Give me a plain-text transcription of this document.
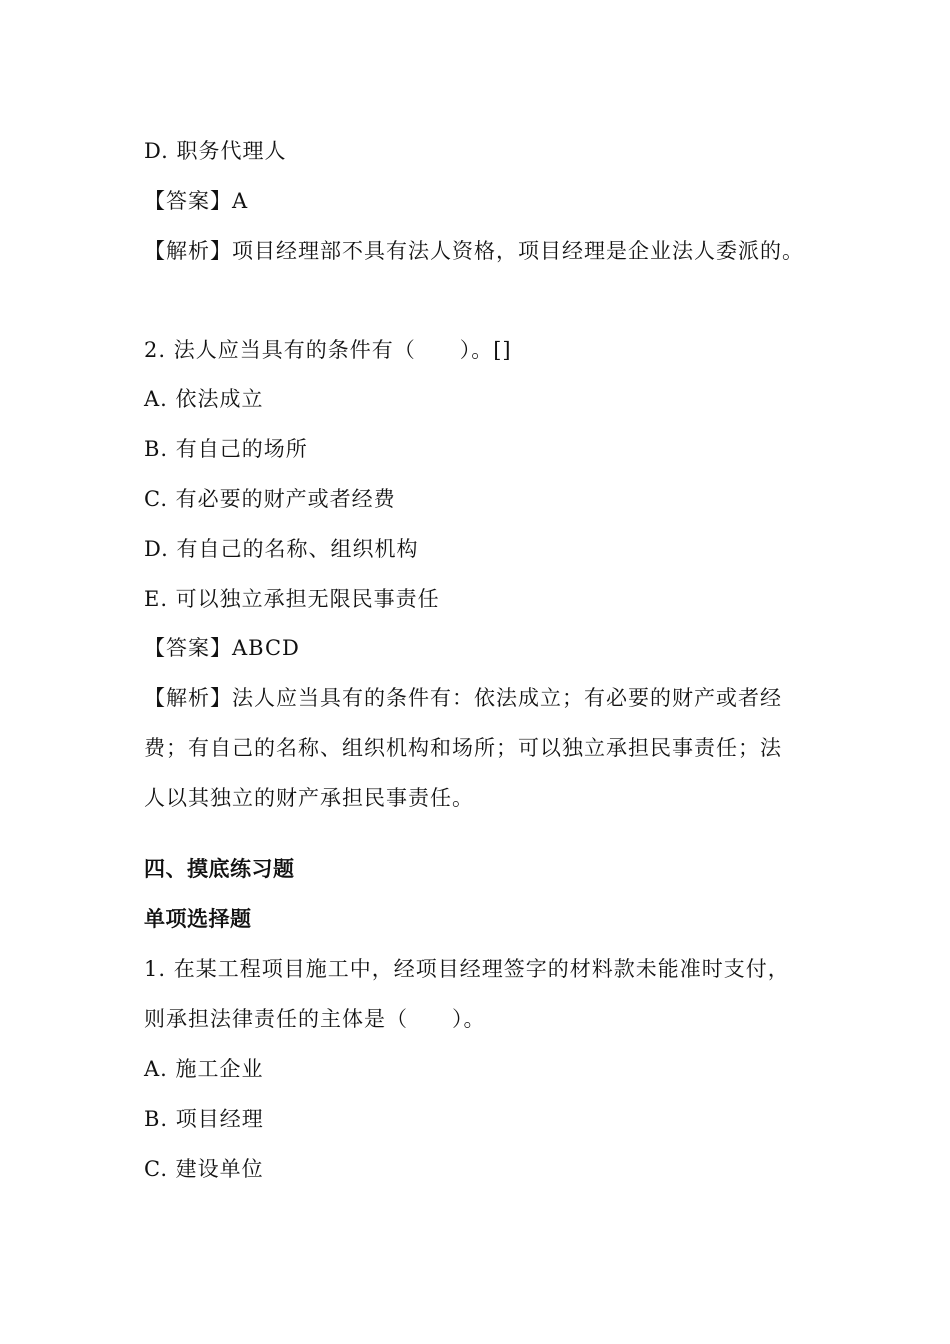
D. 职务代理人
【答案】A
【解析】项目经理部不具有法人资格，项目经理是企业法人委派的。
2. 法人应当具有的条件有（　　）。[]
A. 依法成立
B. 有自己的场所
C. 有必要的财产或者经费
D. 有自己的名称、组织机构
E. 可以独立承担无限民事责任
【答案】ABCD
【解析】法人应当具有的条件有：依法成立；有必要的财产或者经
费；有自己的名称、组织机构和场所；可以独立承担民事责任；法
人以其独立的财产承担民事责任。
四、摸底练习题
单项选择题
1. 在某工程项目施工中，经项目经理签字的材料款未能准时支付，
则承担法律责任的主体是（　　）。
A. 施工企业
B. 项目经理
C. 建设单位
